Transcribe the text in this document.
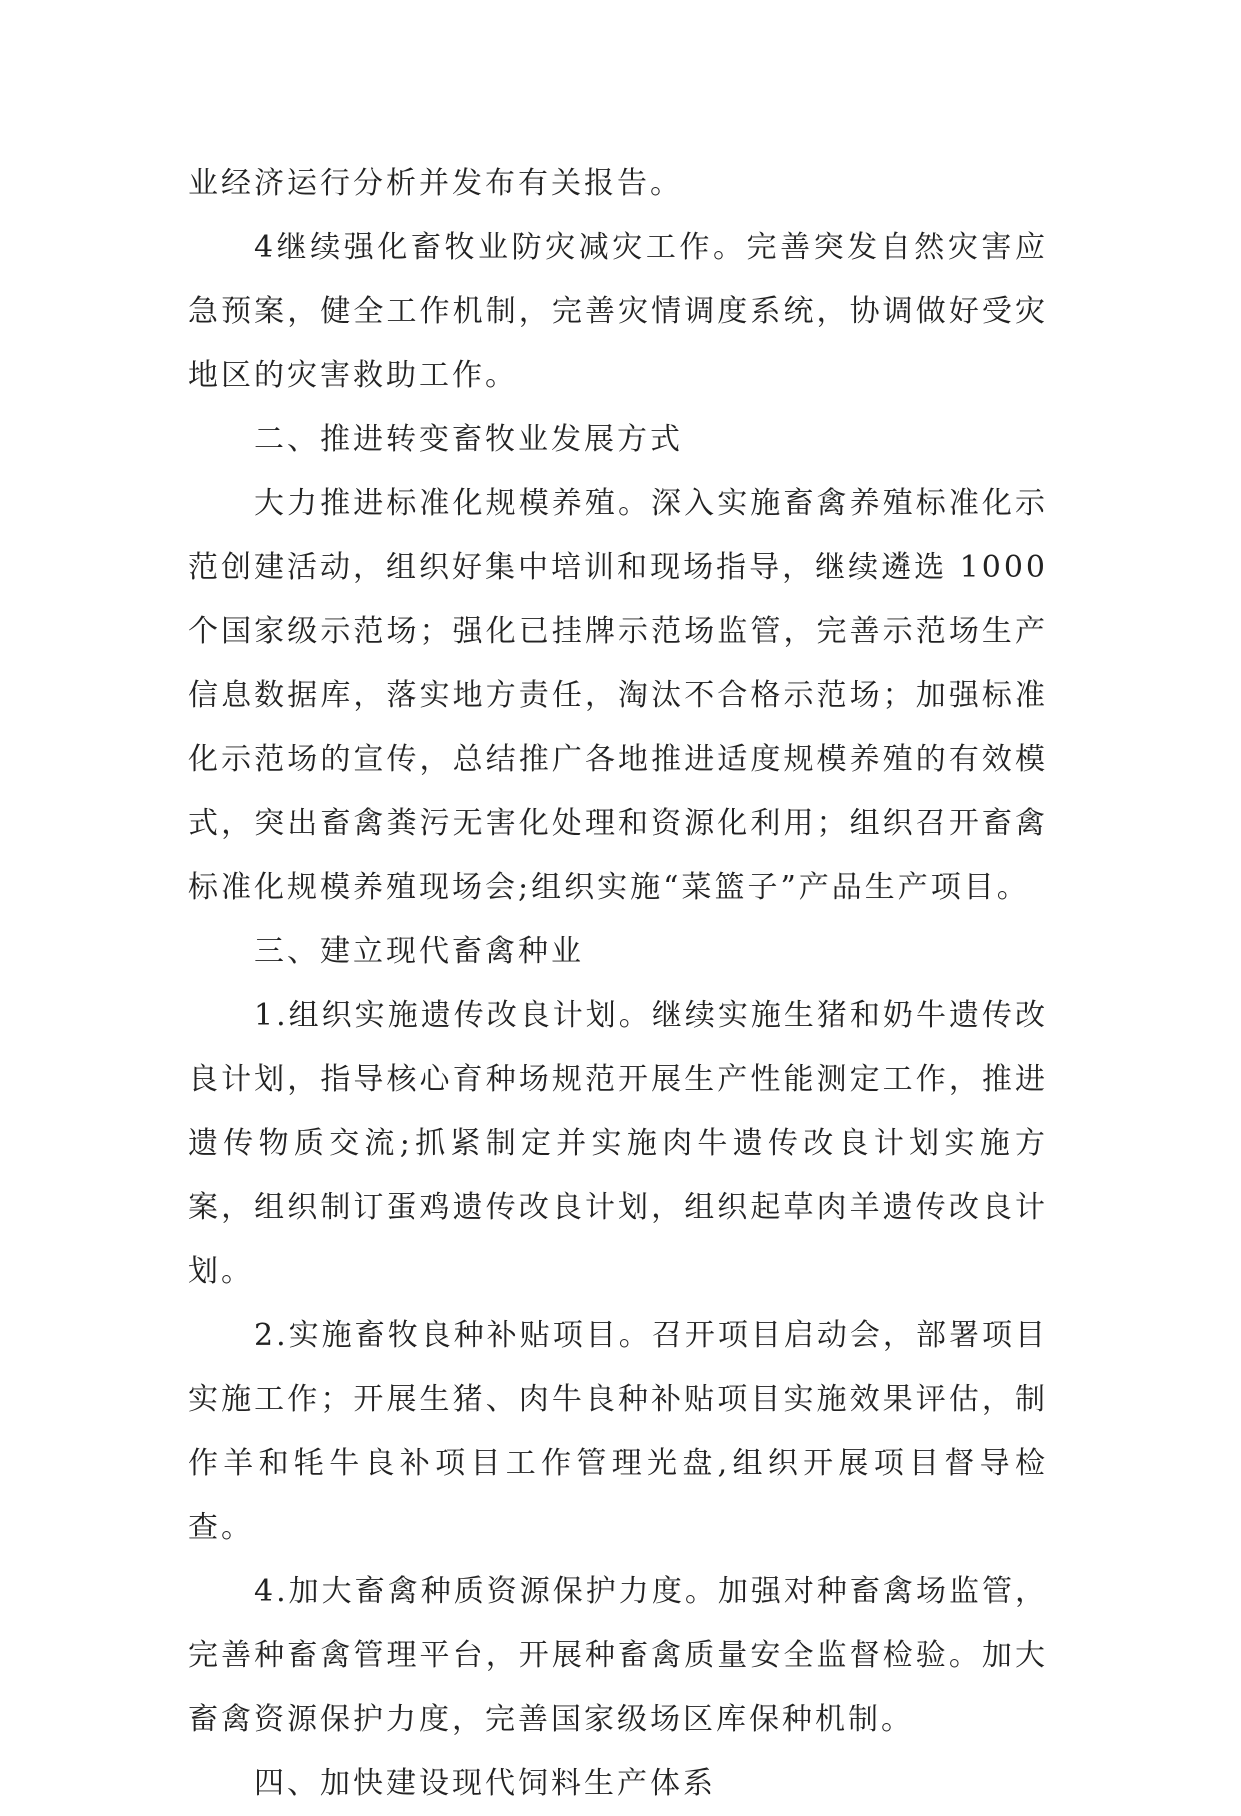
业经济运行分析并发布有关报告。

4继续强化畜牧业防灾减灾工作。完善突发自然灾害应急预案，健全工作机制，完善灾情调度系统，协调做好受灾地区的灾害救助工作。

二、推进转变畜牧业发展方式

大力推进标准化规模养殖。深入实施畜禽养殖标准化示范创建活动，组织好集中培训和现场指导，继续遴选 1000 个国家级示范场；强化已挂牌示范场监管，完善示范场生产信息数据库，落实地方责任，淘汰不合格示范场；加强标准化示范场的宣传，总结推广各地推进适度规模养殖的有效模式，突出畜禽粪污无害化处理和资源化利用；组织召开畜禽标准化规模养殖现场会;组织实施“菜篮子”产品生产项目。

三、建立现代畜禽种业

1.组织实施遗传改良计划。继续实施生猪和奶牛遗传改良计划，指导核心育种场规范开展生产性能测定工作，推进遗传物质交流;抓紧制定并实施肉牛遗传改良计划实施方案，组织制订蛋鸡遗传改良计划，组织起草肉羊遗传改良计划。

2.实施畜牧良种补贴项目。召开项目启动会，部署项目实施工作；开展生猪、肉牛良种补贴项目实施效果评估，制作羊和牦牛良补项目工作管理光盘,组织开展项目督导检查。

4.加大畜禽种质资源保护力度。加强对种畜禽场监管，完善种畜禽管理平台，开展种畜禽质量安全监督检验。加大畜禽资源保护力度，完善国家级场区库保种机制。

四、加快建设现代饲料生产体系
